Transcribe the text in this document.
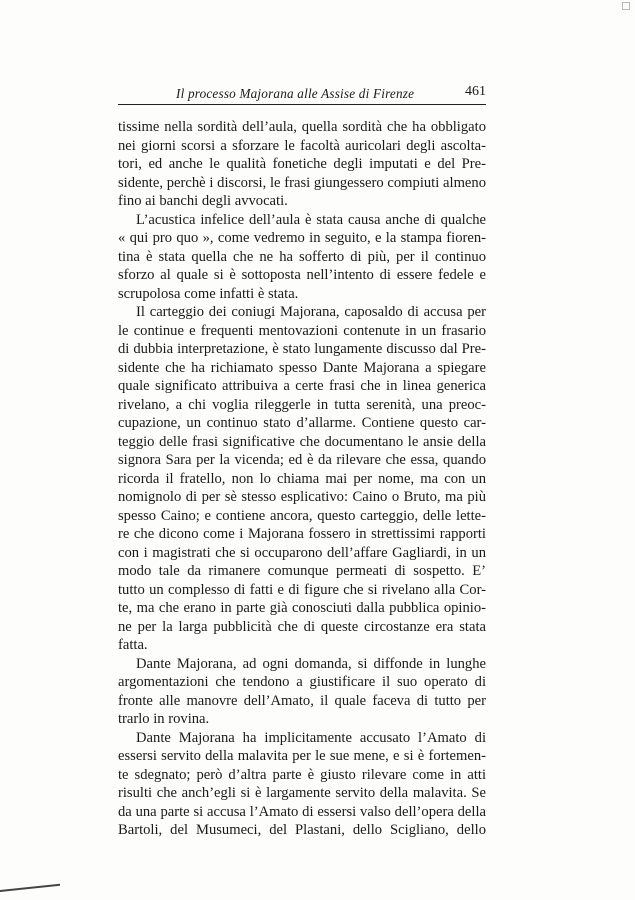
Il processo Majorana alle Assise di Firenze	461
tissime nella sordità dell’aula, quella sordità che ha obbligato
nei giorni scorsi a sforzare le facoltà auricolari degli ascolta-
tori, ed anche le qualità fonetiche degli imputati e del Pre-
sidente, perchè i discorsi, le frasi giungessero compiuti almeno
fino ai banchi degli avvocati.
L’acustica infelice dell’aula è stata causa anche di qualche
« qui pro quo », come vedremo in seguito, e la stampa fioren-
tina è stata quella che ne ha sofferto di più, per il continuo
sforzo al quale si è sottoposta nell’intento di essere fedele e
scrupolosa come infatti è stata.
Il carteggio dei coniugi Majorana, caposaldo di accusa per
le continue e frequenti mentovazioni contenute in un frasario
di dubbia interpretazione, è stato lungamente discusso dal Pre-
sidente che ha richiamato spesso Dante Majorana a spiegare
quale significato attribuiva a certe frasi che in linea generica
rivelano, a chi voglia rileggerle in tutta serenità, una preoc-
cupazione, un continuo stato d’allarme. Contiene questo car-
teggio delle frasi significative che documentano le ansie della
signora Sara per la vicenda; ed è da rilevare che essa, quando
ricorda il fratello, non lo chiama mai per nome, ma con un
nomignolo di per sè stesso esplicativo: Caino o Bruto, ma più
spesso Caino; e contiene ancora, questo carteggio, delle lette-
re che dicono come i Majorana fossero in strettissimi rapporti
con i magistrati che si occuparono dell’affare Gagliardi, in un
modo tale da rimanere comunque permeati di sospetto. E’
tutto un complesso di fatti e di figure che si rivelano alla Cor-
te, ma che erano in parte già conosciuti dalla pubblica opinio-
ne per la larga pubblicità che di queste circostanze era stata
fatta.
Dante Majorana, ad ogni domanda, si diffonde in lunghe
argomentazioni che tendono a giustificare il suo operato di
fronte alle manovre dell’Amato, il quale faceva di tutto per
trarlo in rovina.
Dante Majorana ha implicitamente accusato l’Amato di
essersi servito della malavita per le sue mene, e si è fortemen-
te sdegnato; però d’altra parte è giusto rilevare come in atti
risulti che anch’egli si è largamente servito della malavita. Se
da una parte si accusa l’Amato di essersi valso dell’opera della
Bartoli, del Musumeci, del Plastani, dello Scigliano, dello
